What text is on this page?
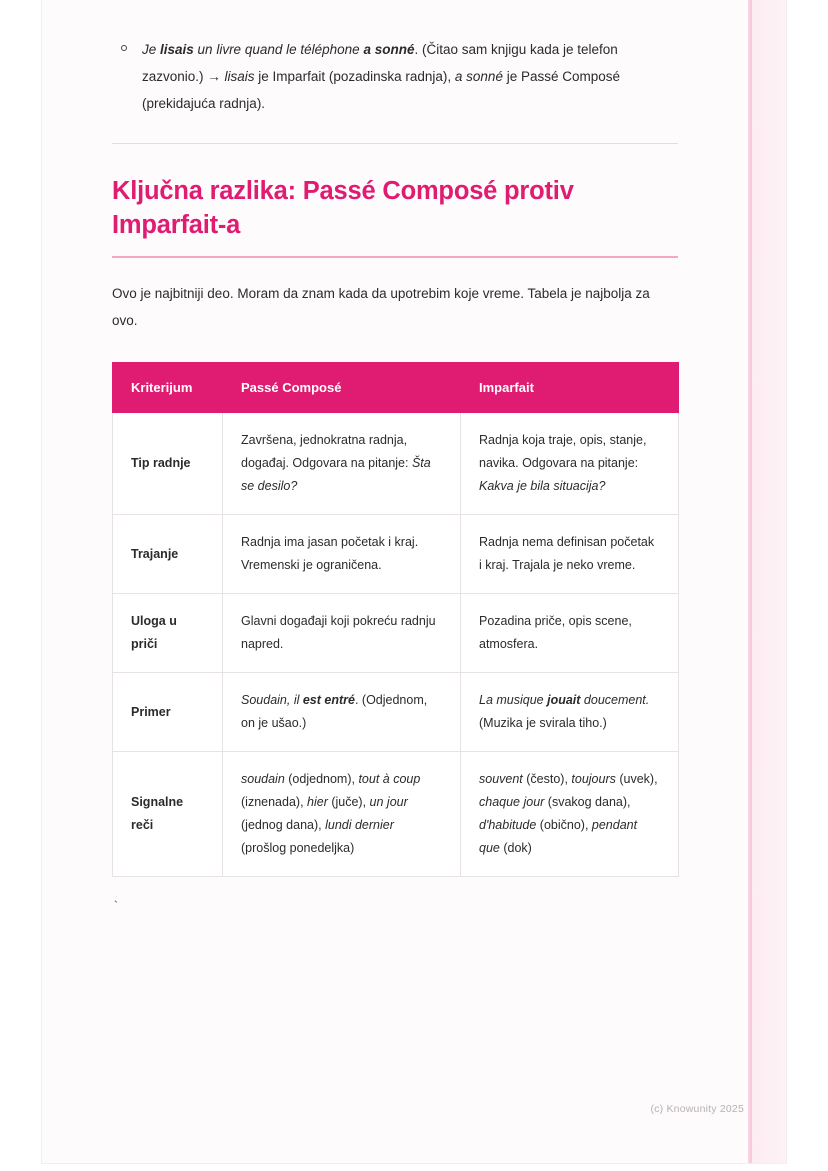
Je lisais un livre quand le téléphone a sonné. (Čitao sam knjigu kada je telefon zazvonio.) → lisais je Imparfait (pozadinska radnja), a sonné je Passé Composé (prekidajuća radnja).
Ključna razlika: Passé Composé protiv Imparfait-a

Ovo je najbitniji deo. Moram da znam kada da upotrebim koje vreme. Tabela je najbolja za ovo.

Kriterijum	Passé Composé	Imparfait
Tip radnje	Završena, jednokratna radnja, događaj. Odgovara na pitanje: Šta se desilo?	Radnja koja traje, opis, stanje, navika. Odgovara na pitanje: Kakva je bila situacija?
Trajanje	Radnja ima jasan početak i kraj. Vremenski je ograničena.	Radnja nema definisan početak i kraj. Trajala je neko vreme.
Uloga u priči	Glavni događaji koji pokreću radnju napred.	Pozadina priče, opis scene, atmosfera.
Primer	Soudain, il est entré. (Odjednom, on je ušao.)	La musique jouait doucement. (Muzika je svirala tiho.)
Signalne reči	soudain (odjednom), tout à coup (iznenada), hier (juče), un jour (jednog dana), lundi dernier (prošlog ponedeljka)	souvent (često), toujours (uvek), chaque jour (svakog dana), d'habitude (obično), pendant que (dok)
`
(c) Knowunity 2025
